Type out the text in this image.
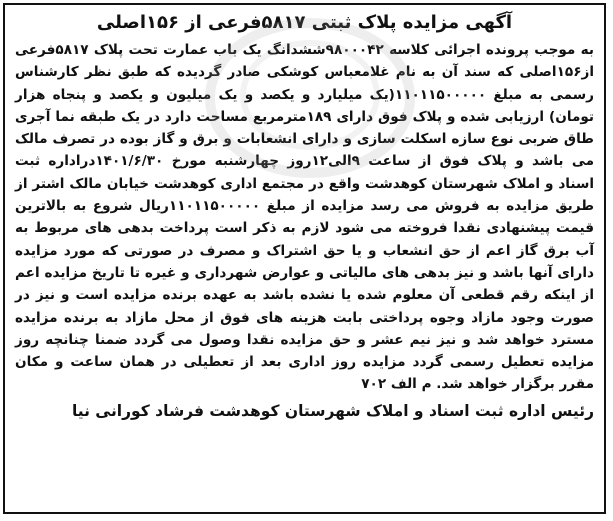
آگهی مزایده پلاک ثبتی ۵۸۱۷فرعی از ۱۵۶اصلی

به موجب پرونده اجرائی کلاسه ۹۸۰۰۰۴۲ششدانگ یک باب عمارت تحت پلاک ۵۸۱۷فرعی از۱۵۶اصلی که سند آن به نام غلامعباس کوشکی صادر گردیده که طبق نظر کارشناس رسمی به مبلغ ۱۱۰۱۱۵۰۰۰۰۰(یک میلیارد و یکصد و یک میلیون و یکصد و پنجاه هزار تومان) ارزیابی شده و پلاک فوق دارای ۱۸۹مترمربع مساحت دارد در یک طبقه نما آجری طاق ضربی نوع سازه اسکلت سازی و دارای انشعابات و برق و گاز بوده در تصرف مالک می باشد و پلاک فوق از ساعت ۹الی۱۲روز چهارشنبه مورخ ۱۴۰۱/۶/۳۰دراداره ثبت اسناد و املاک شهرستان کوهدشت واقع در مجتمع اداری کوهدشت خیابان مالک اشتر از طریق مزایده به فروش می رسد مزایده از مبلغ ۱۱۰۱۱۵۰۰۰۰۰ریال شروع به بالاترین قیمت پیشنهادی نقدا فروخته می شود لازم به ذکر است پرداخت بدهی های مربوط به آب برق گاز اعم از حق انشعاب و یا حق اشتراک و مصرف در صورتی که مورد مزایده دارای آنها باشد و نیز بدهی های مالیاتی و عوارض شهرداری و غیره تا تاریخ مزایده اعم از اینکه رقم قطعی آن معلوم شده یا نشده باشد به عهده برنده مزایده است و نیز در صورت وجود مازاد وجوه پرداختی بابت هزینه های فوق از محل مازاد به برنده مزایده مسترد خواهد شد و نیز نیم عشر و حق مزایده نقدا وصول می گردد ضمنا چنانچه روز مزایده تعطیل رسمی گردد مزایده روز اداری بعد از تعطیلی در همان ساعت و مکان مقرر برگزار خواهد شد. م الف ۷۰۲

رئیس اداره ثبت اسناد و املاک شهرستان کوهدشت فرشاد کورانی نیا
